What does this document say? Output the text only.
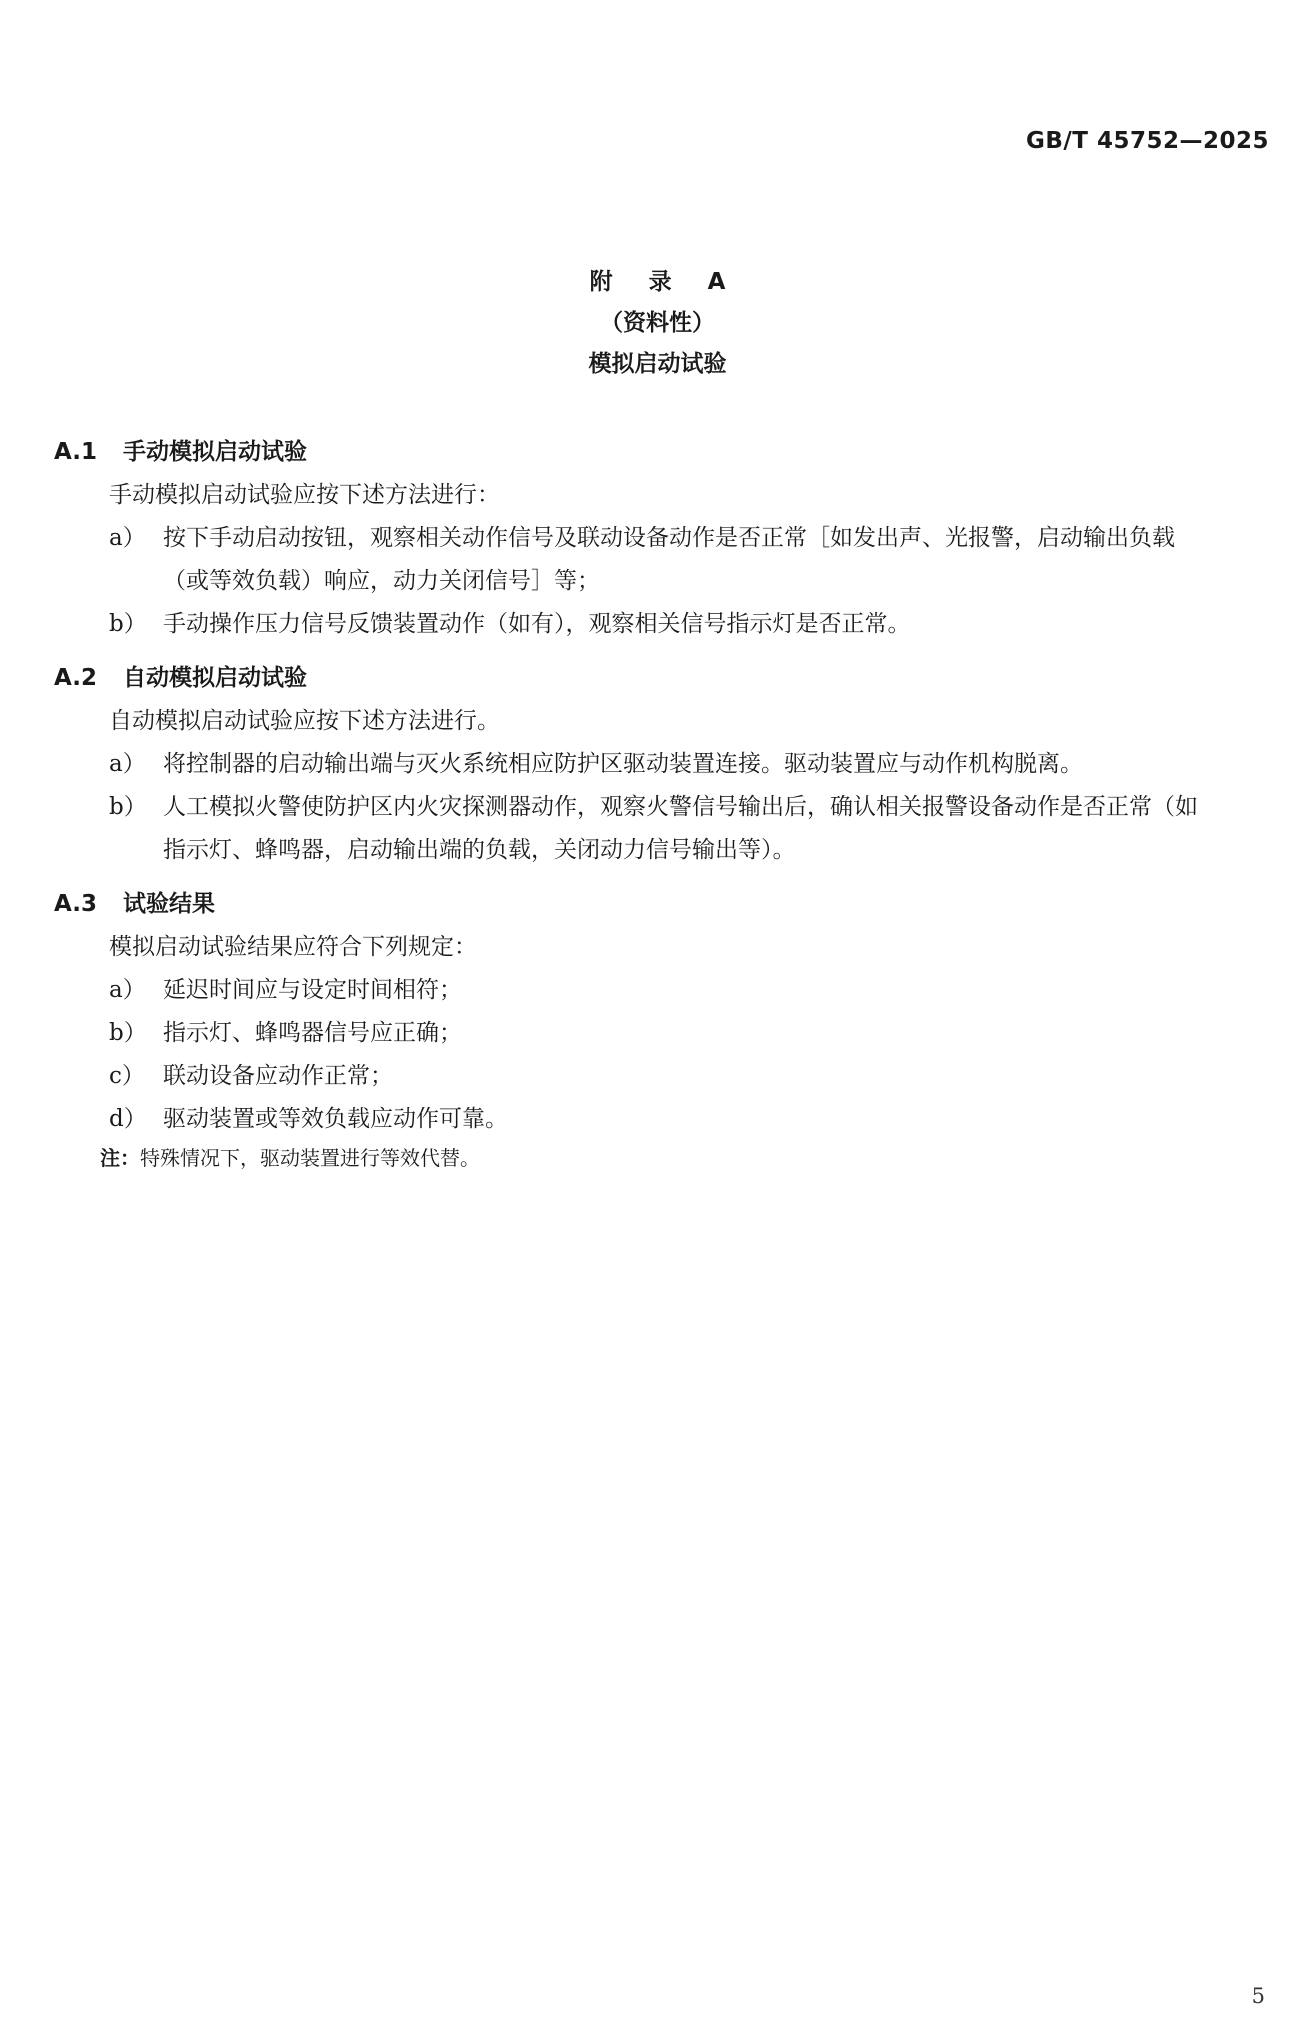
GB/T 45752—2025
附 录 A
（资料性）
模拟启动试验
A.1 手动模拟启动试验
手动模拟启动试验应按下述方法进行：
a） 按下手动启动按钮，观察相关动作信号及联动设备动作是否正常［如发出声、光报警，启动输出负载（或等效负载）响应，动力关闭信号］等；
b） 手动操作压力信号反馈装置动作（如有），观察相关信号指示灯是否正常。
A.2 自动模拟启动试验
自动模拟启动试验应按下述方法进行。
a） 将控制器的启动输出端与灭火系统相应防护区驱动装置连接。驱动装置应与动作机构脱离。
b） 人工模拟火警使防护区内火灾探测器动作，观察火警信号输出后，确认相关报警设备动作是否正常（如指示灯、蜂鸣器，启动输出端的负载，关闭动力信号输出等）。
A.3 试验结果
模拟启动试验结果应符合下列规定：
a） 延迟时间应与设定时间相符；
b） 指示灯、蜂鸣器信号应正确；
c） 联动设备应动作正常；
d） 驱动装置或等效负载应动作可靠。
注：特殊情况下，驱动装置进行等效代替。
5
